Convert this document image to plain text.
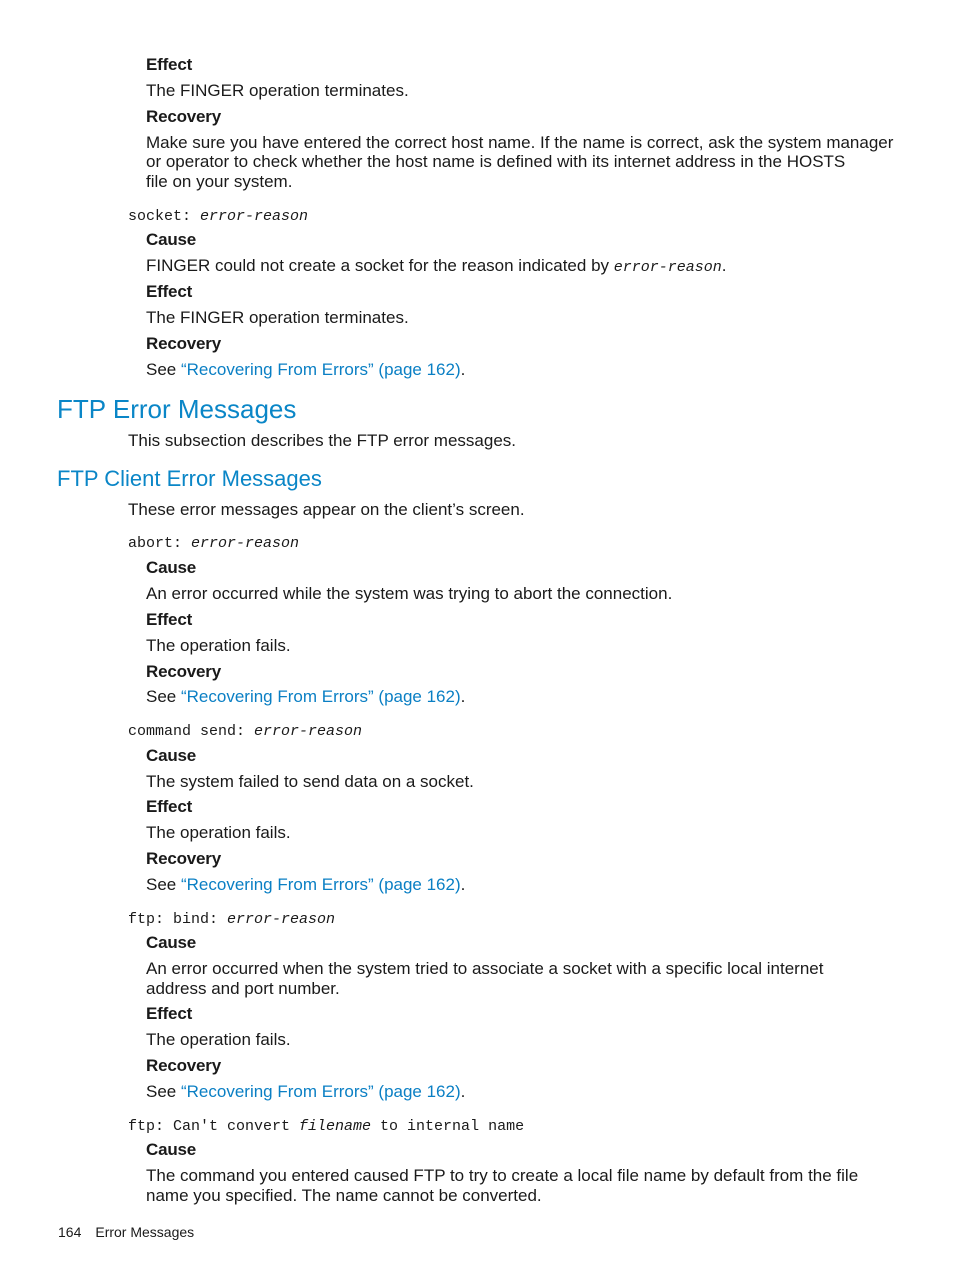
Effect
The FINGER operation terminates.
Recovery
Make sure you have entered the correct host name. If the name is correct, ask the system manager
or operator to check whether the host name is defined with its internet address in the HOSTS
file on your system.
socket: error-reason
Cause
FINGER could not create a socket for the reason indicated by error-reason.
Effect
The FINGER operation terminates.
Recovery
See “Recovering From Errors” (page 162).
FTP Error Messages
This subsection describes the FTP error messages.
FTP Client Error Messages
These error messages appear on the client’s screen.
abort: error-reason
Cause
An error occurred while the system was trying to abort the connection.
Effect
The operation fails.
Recovery
See “Recovering From Errors” (page 162).
command send: error-reason
Cause
The system failed to send data on a socket.
Effect
The operation fails.
Recovery
See “Recovering From Errors” (page 162).
ftp: bind: error-reason
Cause
An error occurred when the system tried to associate a socket with a specific local internet
address and port number.
Effect
The operation fails.
Recovery
See “Recovering From Errors” (page 162).
ftp: Can't convert filename to internal name
Cause
The command you entered caused FTP to try to create a local file name by default from the file
name you specified. The name cannot be converted.
164 Error Messages
